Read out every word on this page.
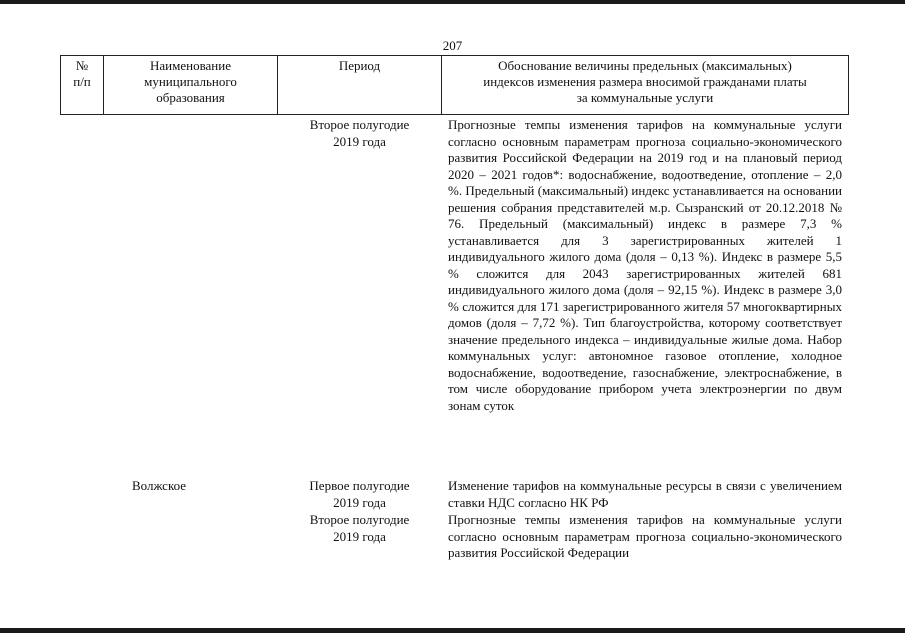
207
№
п/п
Наименование
муниципального
образования
Период	Обоснование величины предельных (максимальных)
индексов изменения размера вносимой гражданами платы
за коммунальные услуги
Второе полугодие
2019 года
Прогнозные темпы изменения тарифов на коммунальные услуги согласно основным параметрам прогноза социально-экономического развития Российской Федерации на 2019 год и на плановый период 2020 – 2021 годов*: водоснабжение, водоотведение, отопление – 2,0 %. Предельный (максимальный) индекс устанавливается на основании решения собрания представителей м.р. Сызранский от 20.12.2018 № 76. Предельный (максимальный) индекс в размере 7,3 % устанавливается для 3 зарегистрированных жителей 1 индивидуального жилого дома (доля – 0,13 %). Индекс в размере 5,5 % сложится для 2043 зарегистрированных жителей 681 индивидуального жилого дома (доля – 92,15 %). Индекс в размере 3,0 % сложится для 171 зарегистрированного жителя 57 многоквартирных домов (доля – 7,72 %). Тип благоустройства, которому соответствует значение предельного индекса – индивидуальные жилые дома. Набор коммунальных услуг: автономное газовое отопление, холодное водоснабжение, водоотведение, газоснабжение, электроснабжение, в том числе оборудование прибором учета электроэнергии по двум зонам суток
Волжское	Первое полугодие
2019 года
Изменение тарифов на коммунальные ресурсы в связи с увеличением ставки НДС согласно НК РФ
Второе полугодие
2019 года
Прогнозные темпы изменения тарифов на коммунальные услуги согласно основным параметрам прогноза социально-экономического развития Российской Федерации
